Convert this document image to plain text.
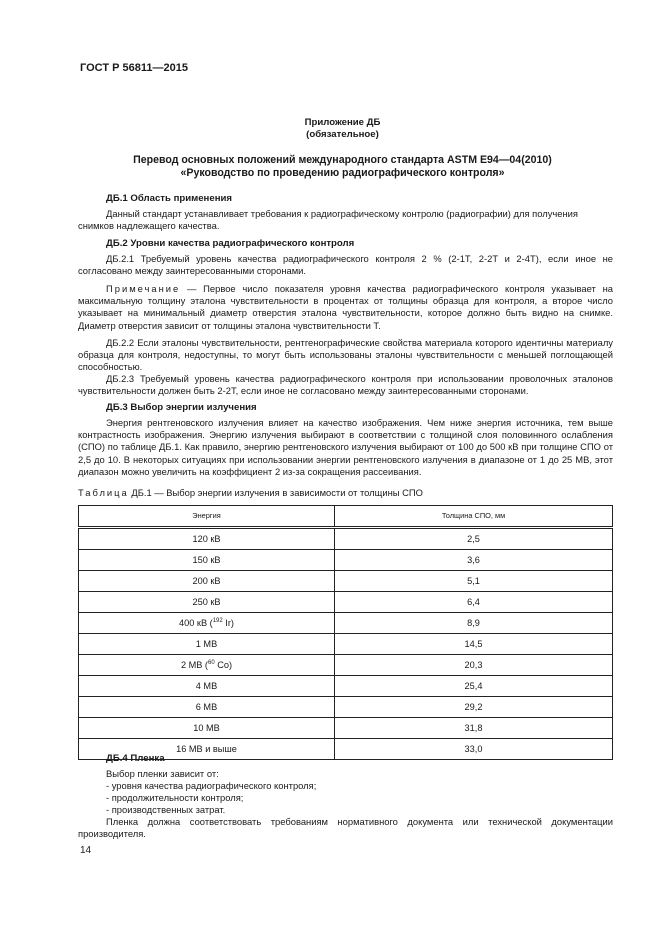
ГОСТ Р 56811—2015
Приложение ДБ
(обязательное)
Перевод основных положений международного стандарта ASTM E94—04(2010)
«Руководство по проведению радиографического контроля»
ДБ.1 Область применения
Данный стандарт устанавливает требования к радиографическому контролю (радиографии) для получения
снимков надлежащего качества.
ДБ.2 Уровни качества радиографического контроля
ДБ.2.1 Требуемый уровень качества радиографического контроля 2 % (2-1Т, 2-2Т и 2-4Т), если иное не согласовано между заинтересованными сторонами.
Примечание — Первое число показателя уровня качества радиографического контроля указывает на максимальную толщину эталона чувствительности в процентах от толщины образца для контроля, а второе число указывает на минимальный диаметр отверстия эталона чувствительности, которое должно быть видно на снимке. Диаметр отверстия зависит от толщины эталона чувствительности Т.
ДБ.2.2 Если эталоны чувствительности, рентгенографические свойства материала которого идентичны материалу образца для контроля, недоступны, то могут быть использованы эталоны чувствительности с меньшей поглощающей способностью.
ДБ.2.3 Требуемый уровень качества радиографического контроля при использовании проволочных эталонов чувствительности должен быть 2-2Т, если иное не согласовано между заинтересованными сторонами.
ДБ.3 Выбор энергии излучения
Энергия рентгеновского излучения влияет на качество изображения. Чем ниже энергия источника, тем выше контрастность изображения. Энергию излучения выбирают в соответствии с толщиной слоя половинного ослабления (СПО) по таблице ДБ.1. Как правило, энергию рентгеновского излучения выбирают от 100 до 500 кВ при толщине СПО от 2,5 до 10. В некоторых ситуациях при использовании энергии рентгеновского излучения в диапазоне от 1 до 25 МВ, этот диапазон можно увеличить на коэффициент 2 из-за сокращения рассеивания.
Таблица ДБ.1 — Выбор энергии излучения в зависимости от толщины СПО
Энергия	Толщина СПО, мм
120 кВ	2,5
150 кВ	3,6
200 кВ	5,1
250 кВ	6,4
400 кВ ($^{192}$ Ir)	8,9
1 МВ	14,5
2 МВ ($^{60}$ Co)	20,3
4 МВ	25,4
6 МВ	29,2
10 МВ	31,8
16 МВ и выше	33,0
ДБ.4 Пленка
Выбор пленки зависит от:
- уровня качества радиографического контроля;
- продолжительности контроля;
- производственных затрат.
Пленка должна соответствовать требованиям нормативного документа или технической документации
производителя.
14
